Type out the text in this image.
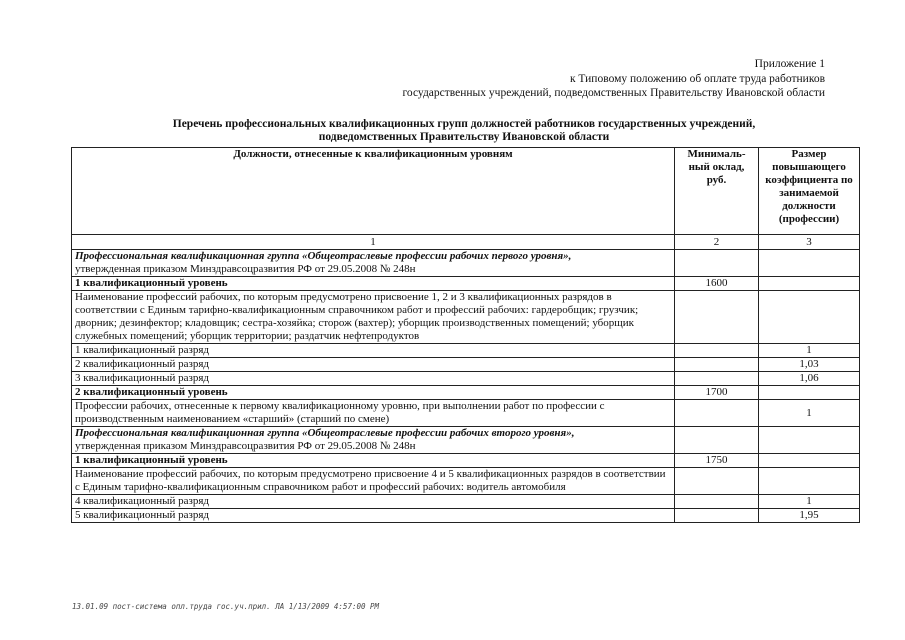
Приложение 1
к Типовому положению об оплате труда работников
государственных учреждений, подведомственных Правительству Ивановской области
Перечень профессиональных квалификационных групп должностей работников государственных учреждений,
подведомственных Правительству Ивановской области
Должности, отнесенные к квалификационным уровням	Минималь-ный оклад, руб.	Размер повышающего коэффициента по занимаемой должности (профессии)
1	2	3

Профессиональная квалификационная группа «Общеотраслевые профессии рабочих первого уровня»,
утвержденная приказом Минздравсоцразвития РФ от 29.05.2008 № 248н		

1 квалификационный уровень	1600	
Наименование профессий рабочих, по которым предусмотрено присвоение 1, 2 и 3 квалификационных разрядов в соответствии с Единым тарифно-квалификационным справочником работ и профессий рабочих: гардеробщик; грузчик; дворник; дезинфектор; кладовщик; сестра-хозяйка; сторож (вахтер); уборщик производственных помещений; уборщик служебных помещений; уборщик территории; раздатчик нефтепродуктов		
1 квалификационный разряд		1
2 квалификационный разряд		1,03
3 квалификационный разряд		1,06
2 квалификационный уровень	1700	
Профессии рабочих, отнесенные к первому квалификационному уровню, при выполнении работ по профессии с производственным наименованием «старший» (старший по смене)		1

Профессиональная квалификационная группа «Общеотраслевые профессии рабочих второго уровня»,
утвержденная приказом Минздравсоцразвития РФ от 29.05.2008 № 248н		

1 квалификационный уровень	1750	
Наименование профессий рабочих, по которым предусмотрено присвоение 4 и 5 квалификационных разрядов в соответствии с Единым тарифно-квалификационным справочником работ и профессий рабочих: водитель автомобиля		
4 квалификационный разряд		1
5 квалификационный разряд		1,95
13.01.09 пост-система опл.труда гос.уч.прил. ЛА 1/13/2009 4:57:00 PM
